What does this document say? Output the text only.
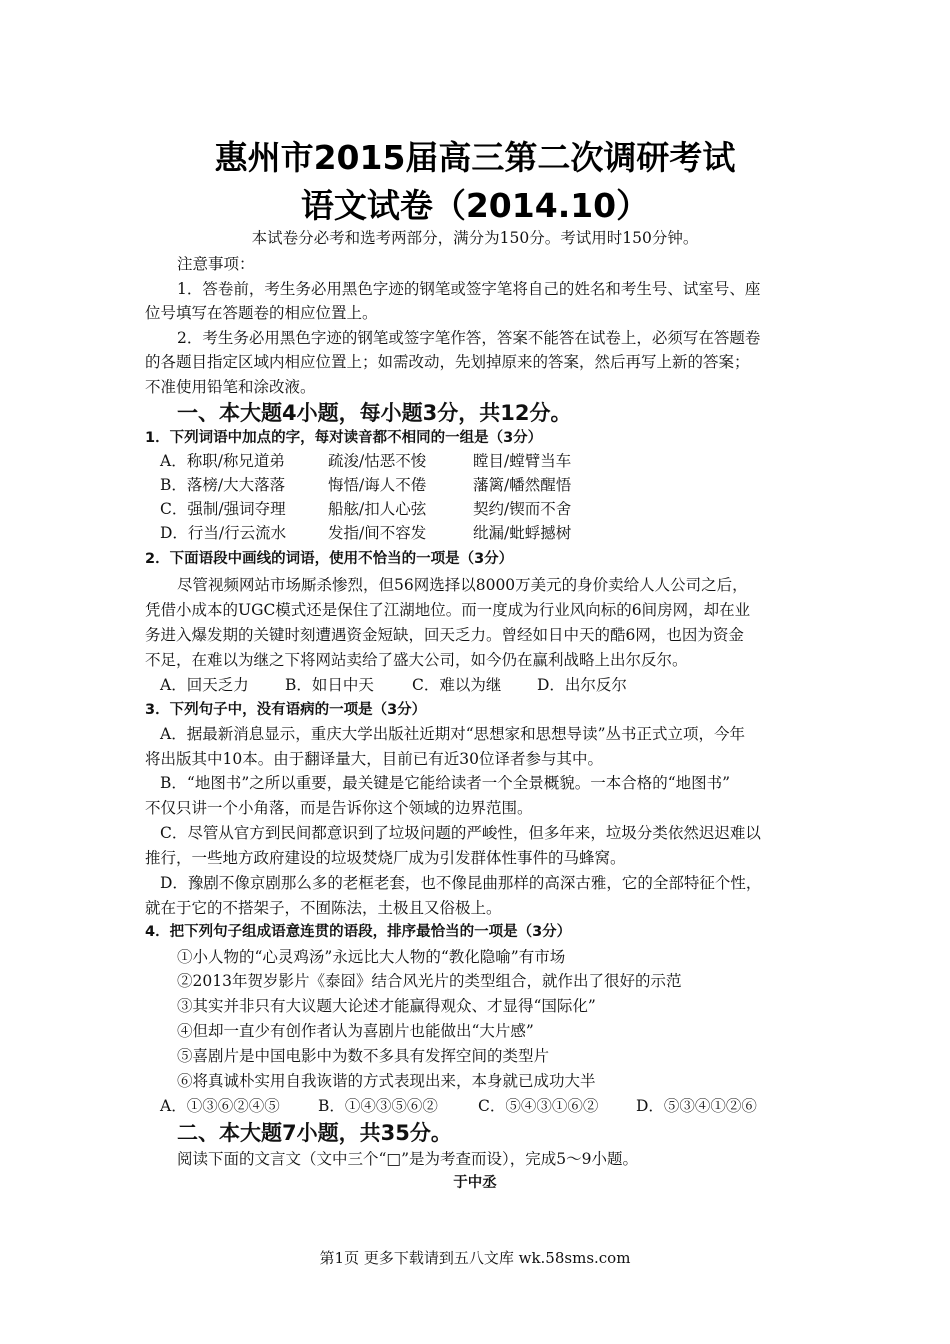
惠州市2015届高三第二次调研考试
语文试卷（2014.10）
本试卷分必考和选考两部分，满分为150分。考试用时150分钟。
注意事项：
1．答卷前，考生务必用黑色字迹的钢笔或签字笔将自己的姓名和考生号、试室号、座
位号填写在答题卷的相应位置上。
2．考生务必用黑色字迹的钢笔或签字笔作答，答案不能答在试卷上，必须写在答题卷
的各题目指定区域内相应位置上；如需改动，先划掉原来的答案，然后再写上新的答案；
不准使用铅笔和涂改液。
一、本大题4小题，每小题3分，共12分。
1．下列词语中加点的字，每对读音都不相同的一组是（3分）
A．称职/称兄道弟	疏浚/怙恶不悛	瞠目/螳臂当车
B．落榜/大大落落	悔悟/诲人不倦	藩篱/幡然醒悟
C．强制/强词夺理	船舷/扣人心弦	契约/锲而不舍
D．行当/行云流水	发指/间不容发	纰漏/蚍蜉撼树
2．下面语段中画线的词语，使用不恰当的一项是（3分）
尽管视频网站市场厮杀惨烈，但56网选择以8000万美元的身价卖给人人公司之后，
凭借小成本的UGC模式还是保住了江湖地位。而一度成为行业风向标的6间房网，却在业
务进入爆发期的关键时刻遭遇资金短缺，回天乏力。曾经如日中天的酷6网，也因为资金
不足，在难以为继之下将网站卖给了盛大公司，如今仍在赢利战略上出尔反尔。
A．回天乏力 B．如日中天 C．难以为继 D．出尔反尔
3．下列句子中，没有语病的一项是（3分）
A．据最新消息显示，重庆大学出版社近期对“思想家和思想导读”丛书正式立项，今年
将出版其中10本。由于翻译量大，目前已有近30位译者参与其中。
B．“地图书”之所以重要，最关键是它能给读者一个全景概貌。一本合格的“地图书”
不仅只讲一个小角落，而是告诉你这个领域的边界范围。
C．尽管从官方到民间都意识到了垃圾问题的严峻性，但多年来，垃圾分类依然迟迟难以
推行，一些地方政府建设的垃圾焚烧厂成为引发群体性事件的马蜂窝。
D．豫剧不像京剧那么多的老框老套，也不像昆曲那样的高深古雅，它的全部特征个性，
就在于它的不搭架子，不囿陈法，土极且又俗极上。
4．把下列句子组成语意连贯的语段，排序最恰当的一项是（3分）
①小人物的“心灵鸡汤”永远比大人物的“教化隐喻”有市场
②2013年贺岁影片《泰囧》结合风光片的类型组合，就作出了很好的示范
③其实并非只有大议题大论述才能赢得观众、才显得“国际化”
④但却一直少有创作者认为喜剧片也能做出“大片感”
⑤喜剧片是中国电影中为数不多具有发挥空间的类型片
⑥将真诚朴实用自我诙谐的方式表现出来，本身就已成功大半
A．①③⑥②④⑤ B．①④③⑤⑥②	C．⑤④③①⑥② D．⑤③④①②⑥
二、本大题7小题，共35分。
阅读下面的文言文（文中三个“□”是为考查而设），完成5～9小题。
于中丞
第1页 更多下载请到五八文库 wk.58sms.com
